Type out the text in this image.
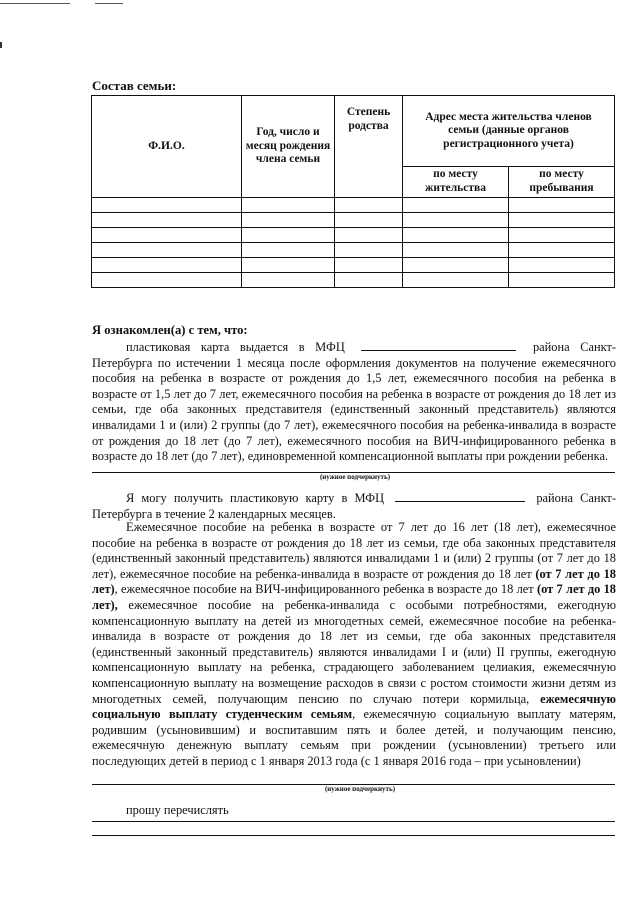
Состав семьи:
Ф.И.О.	Год, число и месяц рождения члена семьи	Степень родства	Адрес места жительства членов семьи (данные органов регистрационного учета)	
			по месту жительства	по месту пребывания

Я ознакомлен(а) с тем, что:

пластиковая карта выдается в МФЦ	района Санкт-Петербурга по истечении 1 месяца после оформления документов на получение ежемесячного пособия на ребенка в возрасте от рождения до 1,5 лет, ежемесячного пособия на ребенка в возрасте от 1,5 лет до 7 лет, ежемесячного пособия на ребенка в возрасте от рождения до 18 лет из семьи, где оба законных представителя (единственный законный представитель) являются инвалидами 1 и (или) 2 группы (до 7 лет), ежемесячного пособия на ребенка-инвалида в возрасте от рождения до 18 лет (до 7 лет), ежемесячного пособия на ВИЧ-инфицированного ребенка в возрасте до 18 лет (до 7 лет), единовременной компенсационной выплаты при рождении ребенка.

(нужное подчеркнуть)

Я могу получить пластиковую карту в МФЦ	района Санкт-Петербурга в течение 2 календарных месяцев.

Ежемесячное пособие на ребенка в возрасте от 7 лет до 16 лет (18 лет), ежемесячное пособие на ребенка в возрасте от рождения до 18 лет из семьи, где оба законных представителя (единственный законный представитель) являются инвалидами 1 и (или) 2 группы (от 7 лет до 18 лет), ежемесячное пособие на ребенка-инвалида в возрасте от рождения до 18 лет (от 7 лет до 18 лет), ежемесячное пособие на ВИЧ-инфицированного ребенка в возрасте до 18 лет (от 7 лет до 18 лет), ежемесячное пособие на ребенка-инвалида с особыми потребностями, ежегодную компенсационную выплату на детей из многодетных семей, ежемесячное пособие на ребенка-инвалида в возрасте от рождения до 18 лет из семьи, где оба законных представителя (единственный законный представитель) являются инвалидами I и (или) II группы, ежегодную компенсационную выплату на ребенка, страдающего заболеванием целиакия, ежемесячную компенсационную выплату на возмещение расходов в связи с ростом стоимости жизни детям из многодетных семей, получающим пенсию по случаю потери кормильца, ежемесячную социальную выплату студенческим семьям, ежемесячную социальную выплату матерям, родившим (усыновившим) и воспитавшим пять и более детей, и получающим пенсию, ежемесячную денежную выплату семьям при рождении (усыновлении) третьего или последующих детей в период с 1 января 2013 года (с 1 января 2016 года – при усыновлении)

(нужное подчеркнуть)

прошу перечислять
